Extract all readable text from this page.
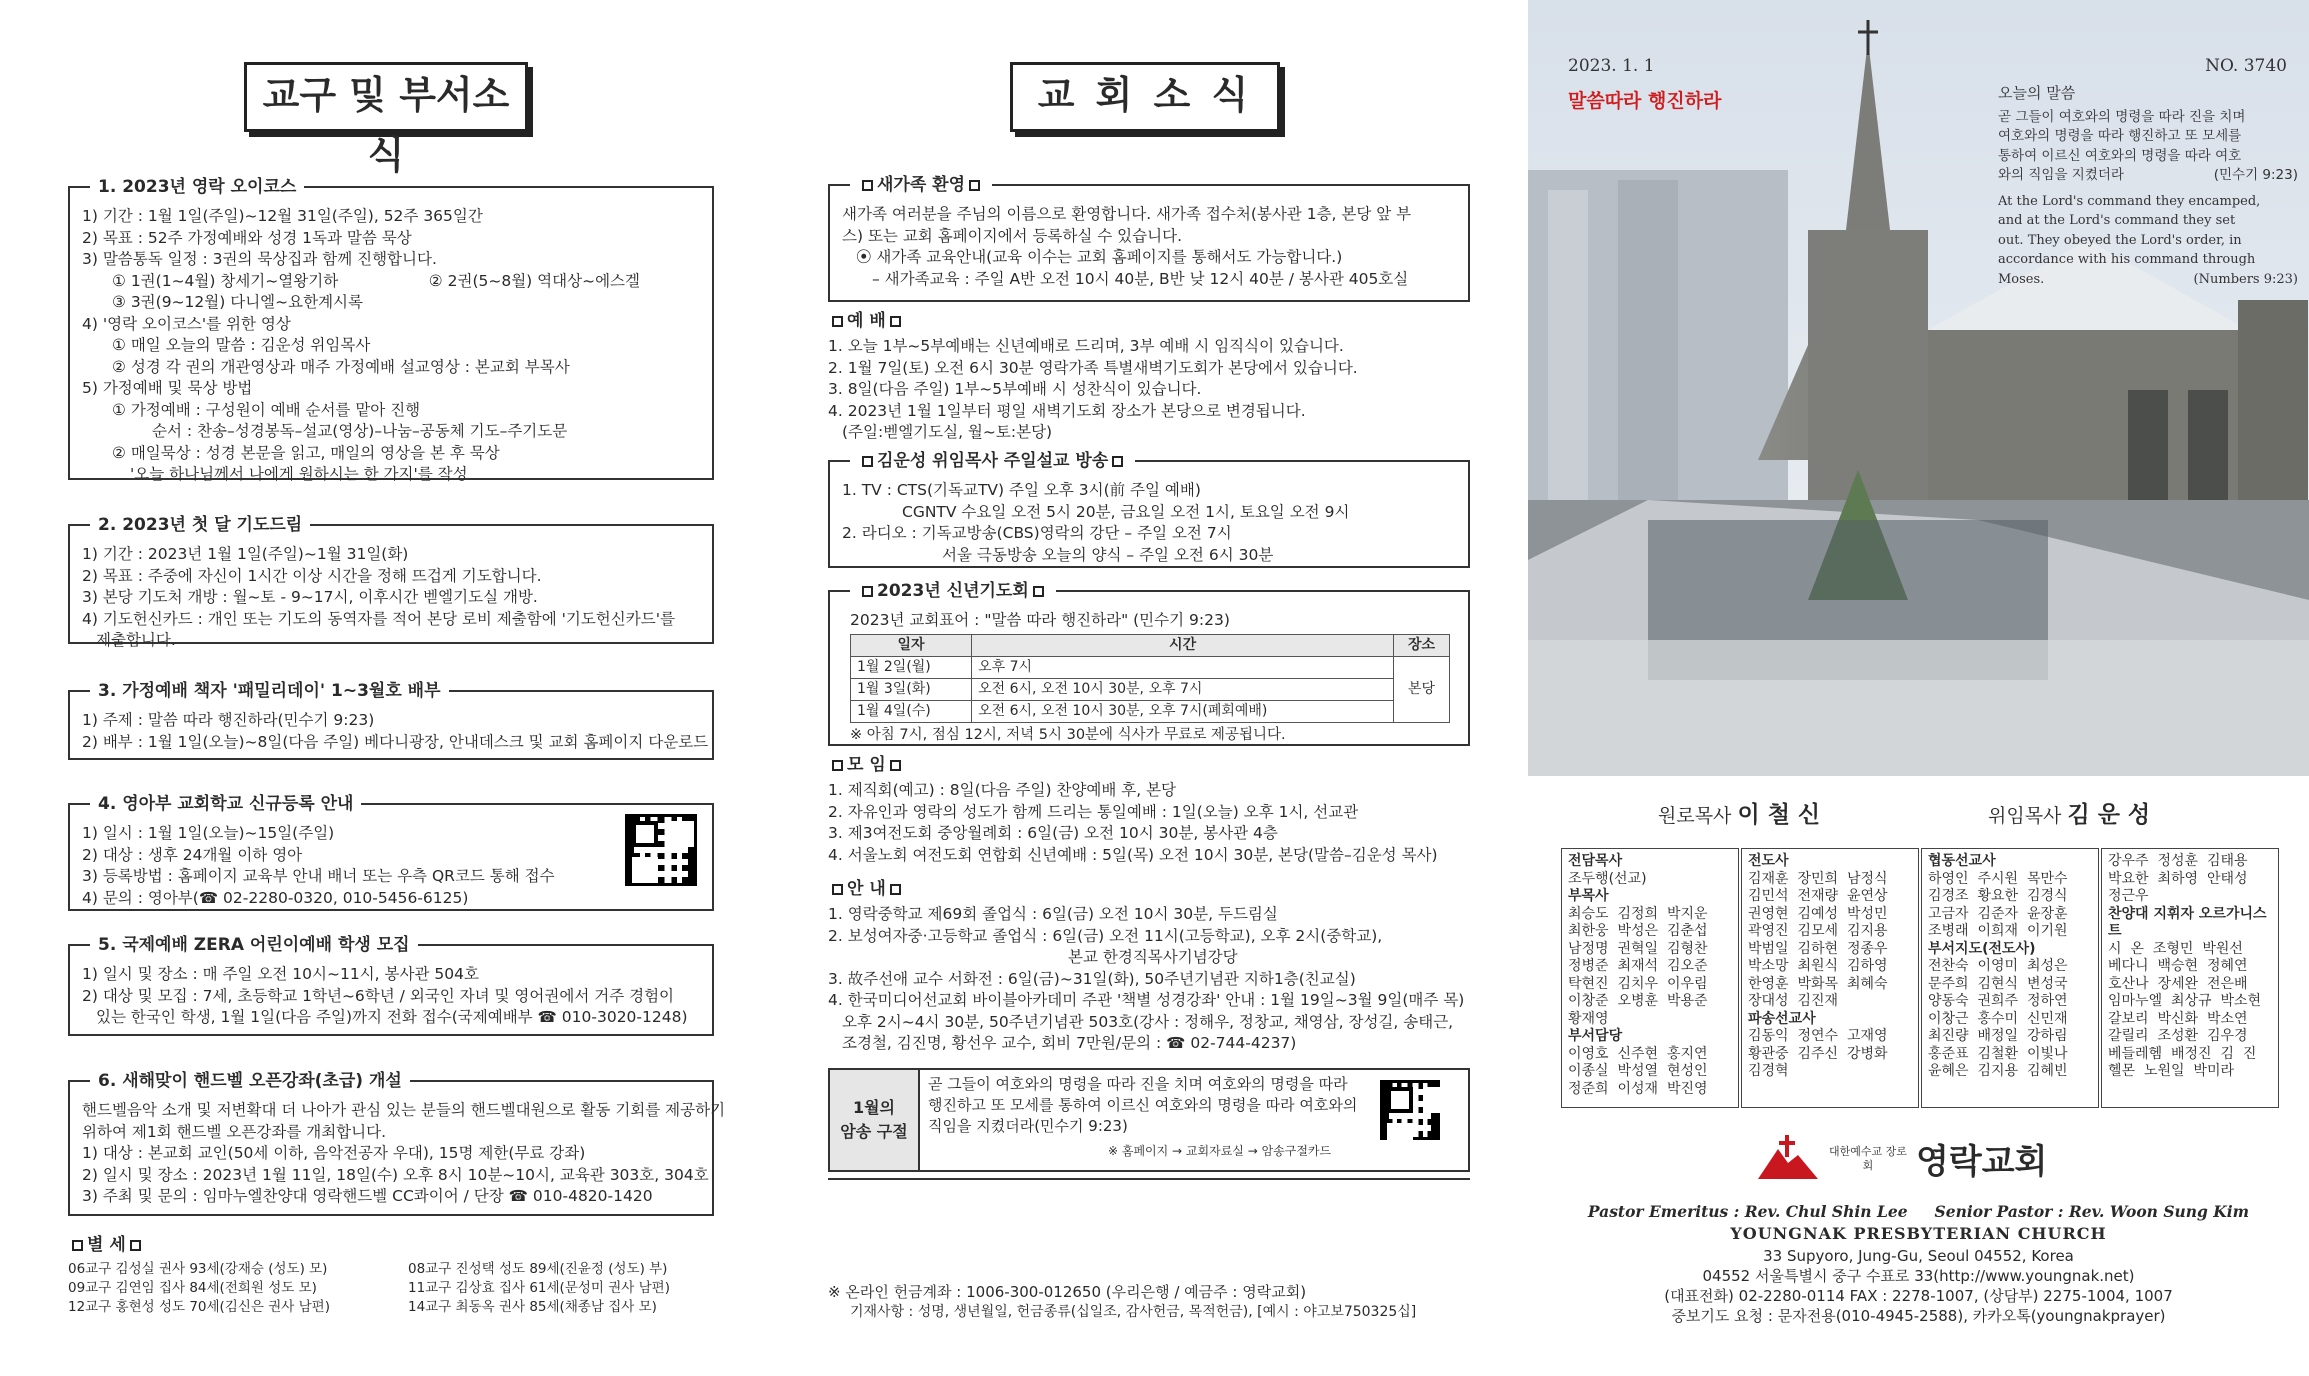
교구 및 부서소식
1. 2023년 영락 오이코스
1) 기간 : 1월 1일(주일)~12월 31일(주일), 52주 365일간
2) 목표 : 52주 가정예배와 성경 1독과 말씀 묵상
3) 말씀통독 일정 : 3권의 묵상집과 함께 진행합니다.
① 1권(1~4월) 창세기~열왕기하	② 2권(5~8월) 역대상~에스겔
③ 3권(9~12월) 다니엘~요한계시록
4) '영락 오이코스'를 위한 영상
① 매일 오늘의 말씀 : 김운성 위임목사
② 성경 각 권의 개관영상과 매주 가정예배 설교영상 : 본교회 부목사
5) 가정예배 및 묵상 방법
① 가정예배 : 구성원이 예배 순서를 맡아 진행
순서 : 찬송–성경봉독–설교(영상)–나눔–공동체 기도–주기도문
② 매일묵상 : 성경 본문을 읽고, 매일의 영상을 본 후 묵상
'오늘 하나님께서 나에게 원하시는 한 가지'를 작성
2. 2023년 첫 달 기도드림
1) 기간 : 2023년 1월 1일(주일)~1월 31일(화)
2) 목표 : 주중에 자신이 1시간 이상 시간을 정해 뜨겁게 기도합니다.
3) 본당 기도처 개방 : 월~토 - 9~17시, 이후시간 벧엘기도실 개방.
4) 기도헌신카드 : 개인 또는 기도의 동역자를 적어 본당 로비 제출함에 '기도헌신카드'를
제출합니다.
3. 가정예배 책자 '패밀리데이' 1~3월호 배부
1) 주제 : 말씀 따라 행진하라(민수기 9:23)
2) 배부 : 1월 1일(오늘)~8일(다음 주일) 베다니광장, 안내데스크 및 교회 홈페이지 다운로드
4. 영아부 교회학교 신규등록 안내
1) 일시 : 1월 1일(오늘)~15일(주일)
2) 대상 : 생후 24개월 이하 영아
3) 등록방법 : 홈페이지 교육부 안내 배너 또는 우측 QR코드 통해 접수
4) 문의 : 영아부(☎ 02-2280-0320, 010-5456-6125)
5. 국제예배 ZERA 어린이예배 학생 모집
1) 일시 및 장소 : 매 주일 오전 10시~11시, 봉사관 504호
2) 대상 및 모집 : 7세, 초등학교 1학년~6학년 / 외국인 자녀 및 영어권에서 거주 경험이
있는 한국인 학생, 1월 1일(다음 주일)까지 전화 접수(국제예배부 ☎ 010-3020-1248)
6. 새해맞이 핸드벨 오픈강좌(초급) 개설
핸드벨음악 소개 및 저변확대 더 나아가 관심 있는 분들의 핸드벨대원으로 활동 기회를 제공하기
위하여 제1회 핸드벨 오픈강좌를 개최합니다.
1) 대상 : 본교회 교인(50세 이하, 음악전공자 우대), 15명 제한(무료 강좌)
2) 일시 및 장소 : 2023년 1월 11일, 18일(수) 오후 8시 10분~10시, 교육관 303호, 304호
3) 주최 및 문의 : 임마누엘찬양대 영락핸드벨 CC콰이어 / 단장 ☎ 010-4820-1420
별 세
06교구 김성실 권사 93세(강재승 (성도) 모)	08교구 진성택 성도 89세(진윤정 (성도) 부)
09교구 김연임 집사 84세(전희원 성도 모)	11교구 김상효 집사 61세(문성미 권사 남편)
12교구 홍현성 성도 70세(김신은 권사 남편)	14교구 최동옥 권사 85세(채종남 집사 모)
교 회 소 식
새가족 환영
새가족 여러분을 주님의 이름으로 환영합니다. 새가족 접수처(봉사관 1층, 본당 앞 부
스) 또는 교회 홈페이지에서 등록하실 수 있습니다.
⦿ 새가족 교육안내(교육 이수는 교회 홈페이지를 통해서도 가능합니다.)
– 새가족교육 : 주일 A반 오전 10시 40분, B반 낮 12시 40분 / 봉사관 405호실
예 배
1. 오늘 1부~5부예배는 신년예배로 드리며, 3부 예배 시 임직식이 있습니다.
2. 1월 7일(토) 오전 6시 30분 영락가족 특별새벽기도회가 본당에서 있습니다.
3. 8일(다음 주일) 1부~5부예배 시 성찬식이 있습니다.
4. 2023년 1월 1일부터 평일 새벽기도회 장소가 본당으로 변경됩니다.
(주일:벧엘기도실, 월~토:본당)
김운성 위임목사 주일설교 방송
1. TV : CTS(기독교TV) 주일 오후 3시(前 주일 예배)
CGNTV 수요일 오전 5시 20분, 금요일 오전 1시, 토요일 오전 9시
2. 라디오 : 기독교방송(CBS)영락의 강단 – 주일 오전 7시
서울 극동방송 오늘의 양식 – 주일 오전 6시 30분
2023년 신년기도회
2023년 교회표어 : "말씀 따라 행진하라" (민수기 9:23)
일자	시간	장소
1월 2일(월)	오후 7시	본당
1월 3일(화)	오전 6시, 오전 10시 30분, 오후 7시	
1월 4일(수)	오전 6시, 오전 10시 30분, 오후 7시(폐회예배)	
※ 아침 7시, 점심 12시, 저녁 5시 30분에 식사가 무료로 제공됩니다.
모 임
1. 제직회(예고) : 8일(다음 주일) 찬양예배 후, 본당
2. 자유인과 영락의 성도가 함께 드리는 통일예배 : 1일(오늘) 오후 1시, 선교관
3. 제3여전도회 중앙월례회 : 6일(금) 오전 10시 30분, 봉사관 4층
4. 서울노회 여전도회 연합회 신년예배 : 5일(목) 오전 10시 30분, 본당(말씀–김운성 목사)
안 내
1. 영락중학교 제69회 졸업식 : 6일(금) 오전 10시 30분, 두드림실
2. 보성여자중·고등학교 졸업식 : 6일(금) 오전 11시(고등학교), 오후 2시(중학교),
본교 한경직목사기념강당
3. 故주선애 교수 서화전 : 6일(금)~31일(화), 50주년기념관 지하1층(친교실)
4. 한국미디어선교회 바이블아카데미 주관 '책별 성경강좌' 안내 : 1월 19일~3월 9일(매주 목)
오후 2시~4시 30분, 50주년기념관 503호(강사 : 정해우, 정창교, 채영삼, 장성길, 송태근,
조경철, 김진명, 황선우 교수, 회비 7만원/문의 : ☎ 02-744-4237)
1월의
암송 구절
곧 그들이 여호와의 명령을 따라 진을 치며 여호와의 명령을 따라
행진하고 또 모세를 통하여 이르신 여호와의 명령을 따라 여호와의
직임을 지켰더라(민수기 9:23)
※ 홈페이지 → 교회자료실 → 암송구절카드
※ 온라인 헌금계좌 : 1006-300-012650 (우리은행 / 예금주 : 영락교회)
기재사항 : 성명, 생년월일, 헌금종류(십일조, 감사헌금, 목적헌금), [예시 : 야고보750325십]
2023. 1. 1	NO. 3740
말씀따라 행진하라	오늘의 말씀
곧 그들이 여호와의 명령을 따라 진을 치며
여호와의 명령을 따라 행진하고 또 모세를
통하여 이르신 여호와의 명령을 따라 여호
와의 직임을 지켰더라	(민수기 9:23)
At the Lord's command they encamped,
and at the Lord's command they set
out. They obeyed the Lord's order, in
accordance with his command through
Moses.	(Numbers 9:23)
원로목사 이 철 신	위임목사 김 운 성
전담목사
조두행(선교)
부목사
최승도  김정희  박지운
최한웅  박성은  김춘섭
남정명  권혁일  김형찬
정병준  최재석  김오준
탁현진  김치우  이우림
이창준  오병훈  박용준
황재영
부서담당
이영호  신주현  홍지연
이종실  박성열  현성인
정준희  이성재  박진영
전도사
김재훈  장민희  남정식
김민석  전재량  윤연상
권영현  김예성  박성민
곽영진  김모세  김지용
박범일  김하현  정종우
박소망  최원식  김하영
한영훈  박화목  최혜숙
장대성  김진재
파송선교사
김동익  정연수  고재영
황관중  김주신  강병화
김경혁
협동선교사
하영인  주시원  목만수
김경조  황요한  김경식
고금자  김준자  윤장훈
조병래  이희재  이기원
부서지도(전도사)
전찬숙  이영미  최성은
문주희  김현식  변성국
양동숙  권희주  정하연
이창근  홍수미  신민재
최진량  배정일  강하림
홍준표  김철환  이빛나
윤혜은  김지용  김혜빈
강우주  정성훈  김태용
박요한  최하영  안태성
정근우
찬양대 지휘자 오르가니스트
시  온  조형민  박원선
베다니  백승현  정혜연
호산나  장세완  전은배
임마누엘  최상규  박소현
갈보리  박신화  박소연
갈릴리  조성환  김우경
베들레헴  배정진  김  진
헬몬  노원일  박미라
대한예수교 장로회	영락교회
Pastor Emeritus : Rev. Chul Shin Lee     Senior Pastor : Rev. Woon Sung Kim
YOUNGNAK PRESBYTERIAN CHURCH
33 Supyoro, Jung-Gu, Seoul 04552, Korea
04552 서울특별시 중구 수표로 33(http://www.youngnak.net)
(대표전화) 02-2280-0114 FAX : 2278-1007, (상담부) 2275-1004, 1007
중보기도 요청 : 문자전용(010-4945-2588), 카카오톡(youngnakprayer)
